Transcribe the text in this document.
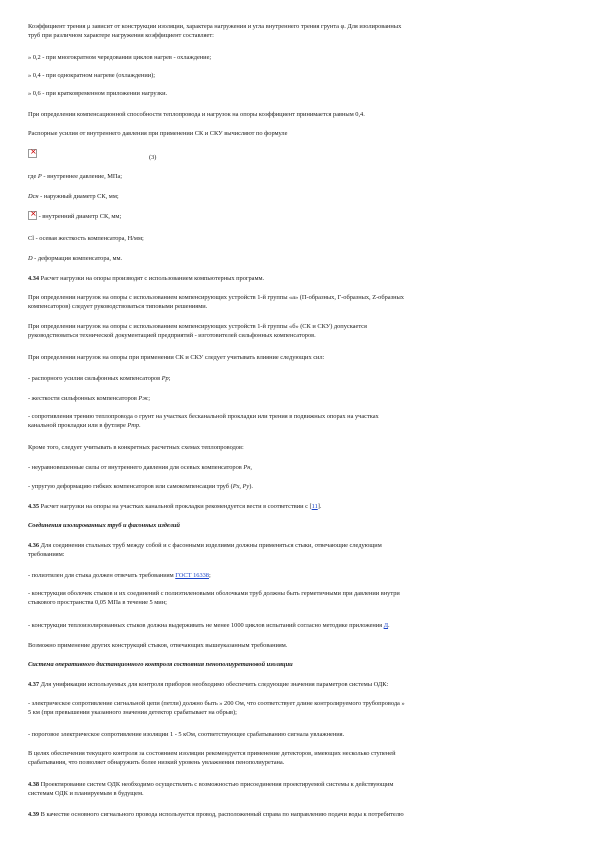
Коэффициент трения μ зависит от конструкции изоляции, характера нагружения и угла внутреннего трения грунта φ. Для изолированных
труб при различном характере нагружения коэффициент составляет:
» 0,2 - при многократном чередовании циклов нагрев - охлаждение;
» 0,4 - при однократном нагреве (охлаждении);
» 0,6 - при кратковременном приложении нагрузки.
При определении компенсационной способности теплопровода и нагрузок на опоры коэффициент принимается равным 0,4.
Распорные усилия от внутреннего давления при применении СК и СКУ вычисляют по формуле
×
(3)
где P - внутреннее давление, МПа;
Dсн - наружный диаметр СК, мм;
× - внутренний диаметр СК, мм;
Cl - осевая жесткость компенсатора, Н/мм;
D - деформация компенсатора, мм.
4.34 Расчет нагрузки на опоры производят с использованием компьютерных программ.
При определении нагрузок на опоры с использованием компенсирующих устройств 1-й группы «а» (П-образных, Г-образных, Z-образных
компенсаторов) следует руководствоваться типовыми решениями.
При определении нагрузок на опоры с использованием компенсирующих устройств 1-й группы «б» (СК и СКУ) допускается
руководствоваться технической документацией предприятий - изготовителей сильфонных компенсаторов.
При определении нагрузок на опоры при применении СК и СКУ следует учитывать влияние следующих сил:
- распорного усилия сильфонных компенсаторов Pр;
- жесткости сильфонных компенсаторов Pж;
- сопротивления трению теплопровода о грунт на участках бесканальной прокладки или трения в подвижных опорах на участках
канальной прокладки или в футляре Pтр.
Кроме того, следует учитывать в конкретных расчетных схемах теплопроводов:
- неуравновешенные силы от внутреннего давления для осевых компенсаторов Pн,
- упругую деформацию гибких компенсаторов или самокомпенсации труб (Px, Py).
4.35 Расчет нагрузки на опоры на участках канальной прокладки рекомендуется вести в соответствии с [11].
Соединения изолированных труб и фасонных изделий
4.36 Для соединения стальных труб между собой и с фасонными изделиями должны применяться стыки, отвечающие следующим
требованиям:
- полиэтилен для стыка должен отвечать требованиям ГОСТ 16338;
- конструкция оболочек стыков и их соединений с полиэтиленовыми оболочками труб должны быть герметичными при давлении внутри
стыкового пространства 0,05 МПа в течение 5 мин;
- конструкции теплоизолированных стыков должна выдерживать не менее 1000 циклов испытаний согласно методике приложения Д.
Возможно применение других конструкций стыков, отвечающих вышеуказанным требованиям.
Система оперативного дистанционного контроля состояния пенополиуретановой изоляции
4.37 Для унификации используемых для контроля приборов необходимо обеспечить следующие значения параметров системы ОДК:
- электрическое сопротивление сигнальной цепи (петли) должно быть » 200 Ом, что соответствует длине контролируемого трубопровода »
5 км (при превышении указанного значения детектор срабатывает на обрыв);
- пороговое электрическое сопротивление изоляции 1 - 5 кОм, соответствующее срабатыванию сигнала увлажнения.
В целях обеспечения текущего контроля за состоянием изоляции рекомендуется применение детекторов, имеющих несколько ступеней
срабатывания, что позволяет обнаружить более низкий уровень увлажнения пенополиуретана.
4.38 Проектирование систем ОДК необходимо осуществлять с возможностью присоединения проектируемой системы к действующим
системам ОДК и планируемым в будущем.
4.39 В качестве основного сигнального провода используется провод, расположенный справа по направлению подачи воды к потребителю
